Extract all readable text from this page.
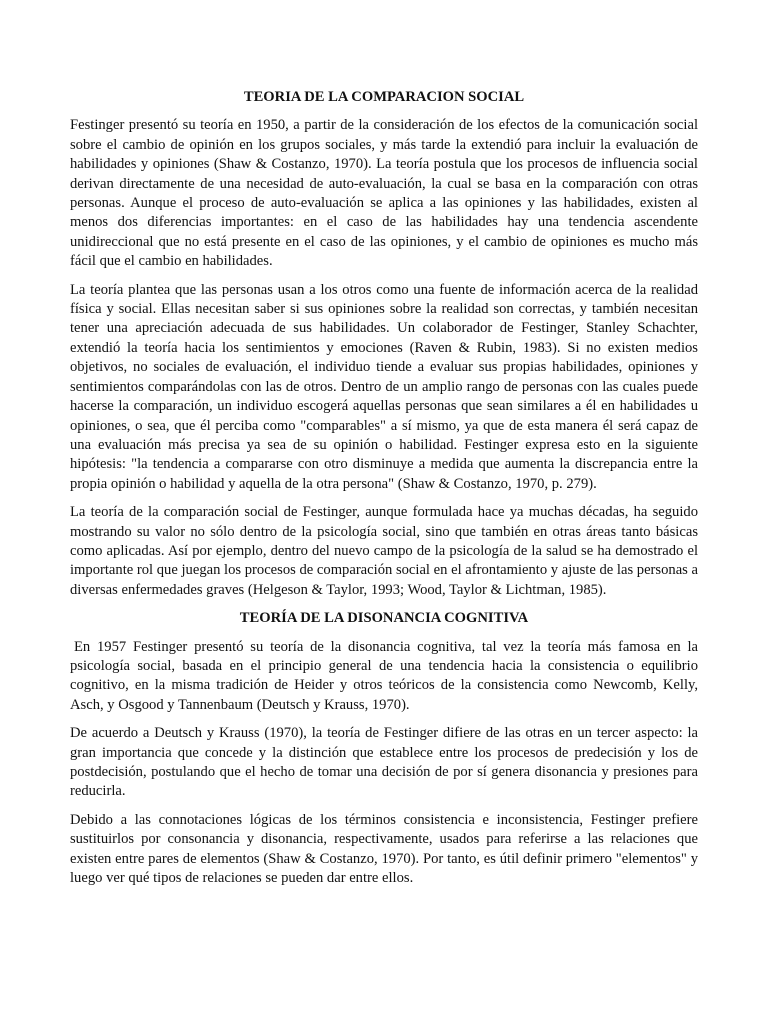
TEORIA DE LA COMPARACION SOCIAL

Festinger presentó su teoría en 1950, a partir de la consideración de los efectos de la comunicación social sobre el cambio de opinión en los grupos sociales, y más tarde la extendió para incluir la evaluación de habilidades y opiniones (Shaw & Costanzo, 1970). La teoría postula que los procesos de influencia social derivan directamente de una necesidad de auto-evaluación, la cual se basa en la comparación con otras personas. Aunque el proceso de auto-evaluación se aplica a las opiniones y las habilidades, existen al menos dos diferencias importantes: en el caso de las habilidades hay una tendencia ascendente unidireccional que no está presente en el caso de las opiniones, y el cambio de opiniones es mucho más fácil que el cambio en habilidades.

La teoría plantea que las personas usan a los otros como una fuente de información acerca de la realidad física y social. Ellas necesitan saber si sus opiniones sobre la realidad son correctas, y también necesitan tener una apreciación adecuada de sus habilidades. Un colaborador de Festinger, Stanley Schachter, extendió la teoría hacia los sentimientos y emociones (Raven & Rubin, 1983). Si no existen medios objetivos, no sociales de evaluación, el individuo tiende a evaluar sus propias habilidades, opiniones y sentimientos comparándolas con las de otros. Dentro de un amplio rango de personas con las cuales puede hacerse la comparación, un individuo escogerá aquellas personas que sean similares a él en habilidades u opiniones, o sea, que él perciba como "comparables" a sí mismo, ya que de esta manera él será capaz de una evaluación más precisa ya sea de su opinión o habilidad. Festinger expresa esto en la siguiente hipótesis: "la tendencia a compararse con otro disminuye a medida que aumenta la discrepancia entre la propia opinión o habilidad y aquella de la otra persona" (Shaw & Costanzo, 1970, p. 279).

La teoría de la comparación social de Festinger, aunque formulada hace ya muchas décadas, ha seguido mostrando su valor no sólo dentro de la psicología social, sino que también en otras áreas tanto básicas como aplicadas. Así por ejemplo, dentro del nuevo campo de la psicología de la salud se ha demostrado el importante rol que juegan los procesos de comparación social en el afrontamiento y ajuste de las personas a diversas enfermedades graves (Helgeson & Taylor, 1993; Wood, Taylor & Lichtman, 1985).

TEORÍA DE LA DISONANCIA COGNITIVA

En 1957 Festinger presentó su teoría de la disonancia cognitiva, tal vez la teoría más famosa en la psicología social, basada en el principio general de una tendencia hacia la consistencia o equilibrio cognitivo, en la misma tradición de Heider y otros teóricos de la consistencia como Newcomb, Kelly, Asch, y Osgood y Tannenbaum (Deutsch y Krauss, 1970).

De acuerdo a Deutsch y Krauss (1970), la teoría de Festinger difiere de las otras en un tercer aspecto: la gran importancia que concede y la distinción que establece entre los procesos de predecisión y los de postdecisión, postulando que el hecho de tomar una decisión de por sí genera disonancia y presiones para reducirla.

Debido a las connotaciones lógicas de los términos consistencia e inconsistencia, Festinger prefiere sustituirlos por consonancia y disonancia, respectivamente, usados para referirse a las relaciones que existen entre pares de elementos (Shaw & Costanzo, 1970). Por tanto, es útil definir primero "elementos" y luego ver qué tipos de relaciones se pueden dar entre ellos.
